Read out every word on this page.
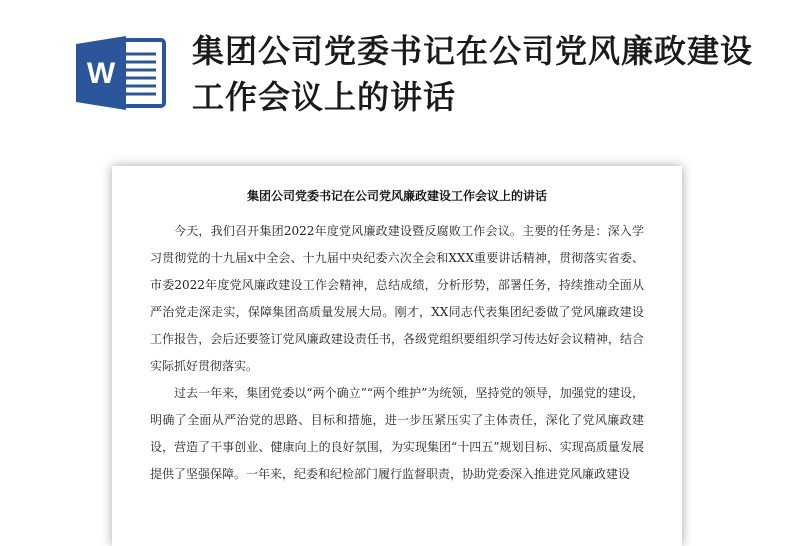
W
集团公司党委书记在公司党风廉政建设工作会议上的讲话
集团公司党委书记在公司党风廉政建设工作会议上的讲话

今天，我们召开集团2022年度党风廉政建设暨反腐败工作会议。主要的任务是：深入学习贯彻党的十九届x中全会、十九届中央纪委六次全会和XXX重要讲话精神，贯彻落实省委、市委2022年度党风廉政建设工作会精神，总结成绩，分析形势，部署任务，持续推动全面从严治党走深走实，保障集团高质量发展大局。刚才，XX同志代表集团纪委做了党风廉政建设工作报告，会后还要签订党风廉政建设责任书，各级党组织要组织学习传达好会议精神，结合实际抓好贯彻落实。

过去一年来，集团党委以“两个确立”“两个维护”为统领，坚持党的领导，加强党的建设，明确了全面从严治党的思路、目标和措施，进一步压紧压实了主体责任，深化了党风廉政建设，营造了干事创业、健康向上的良好氛围，为实现集团“十四五”规划目标、实现高质量发展提供了坚强保障。一年来，纪委和纪检部门履行监督职责，协助党委深入推进党风廉政建设
